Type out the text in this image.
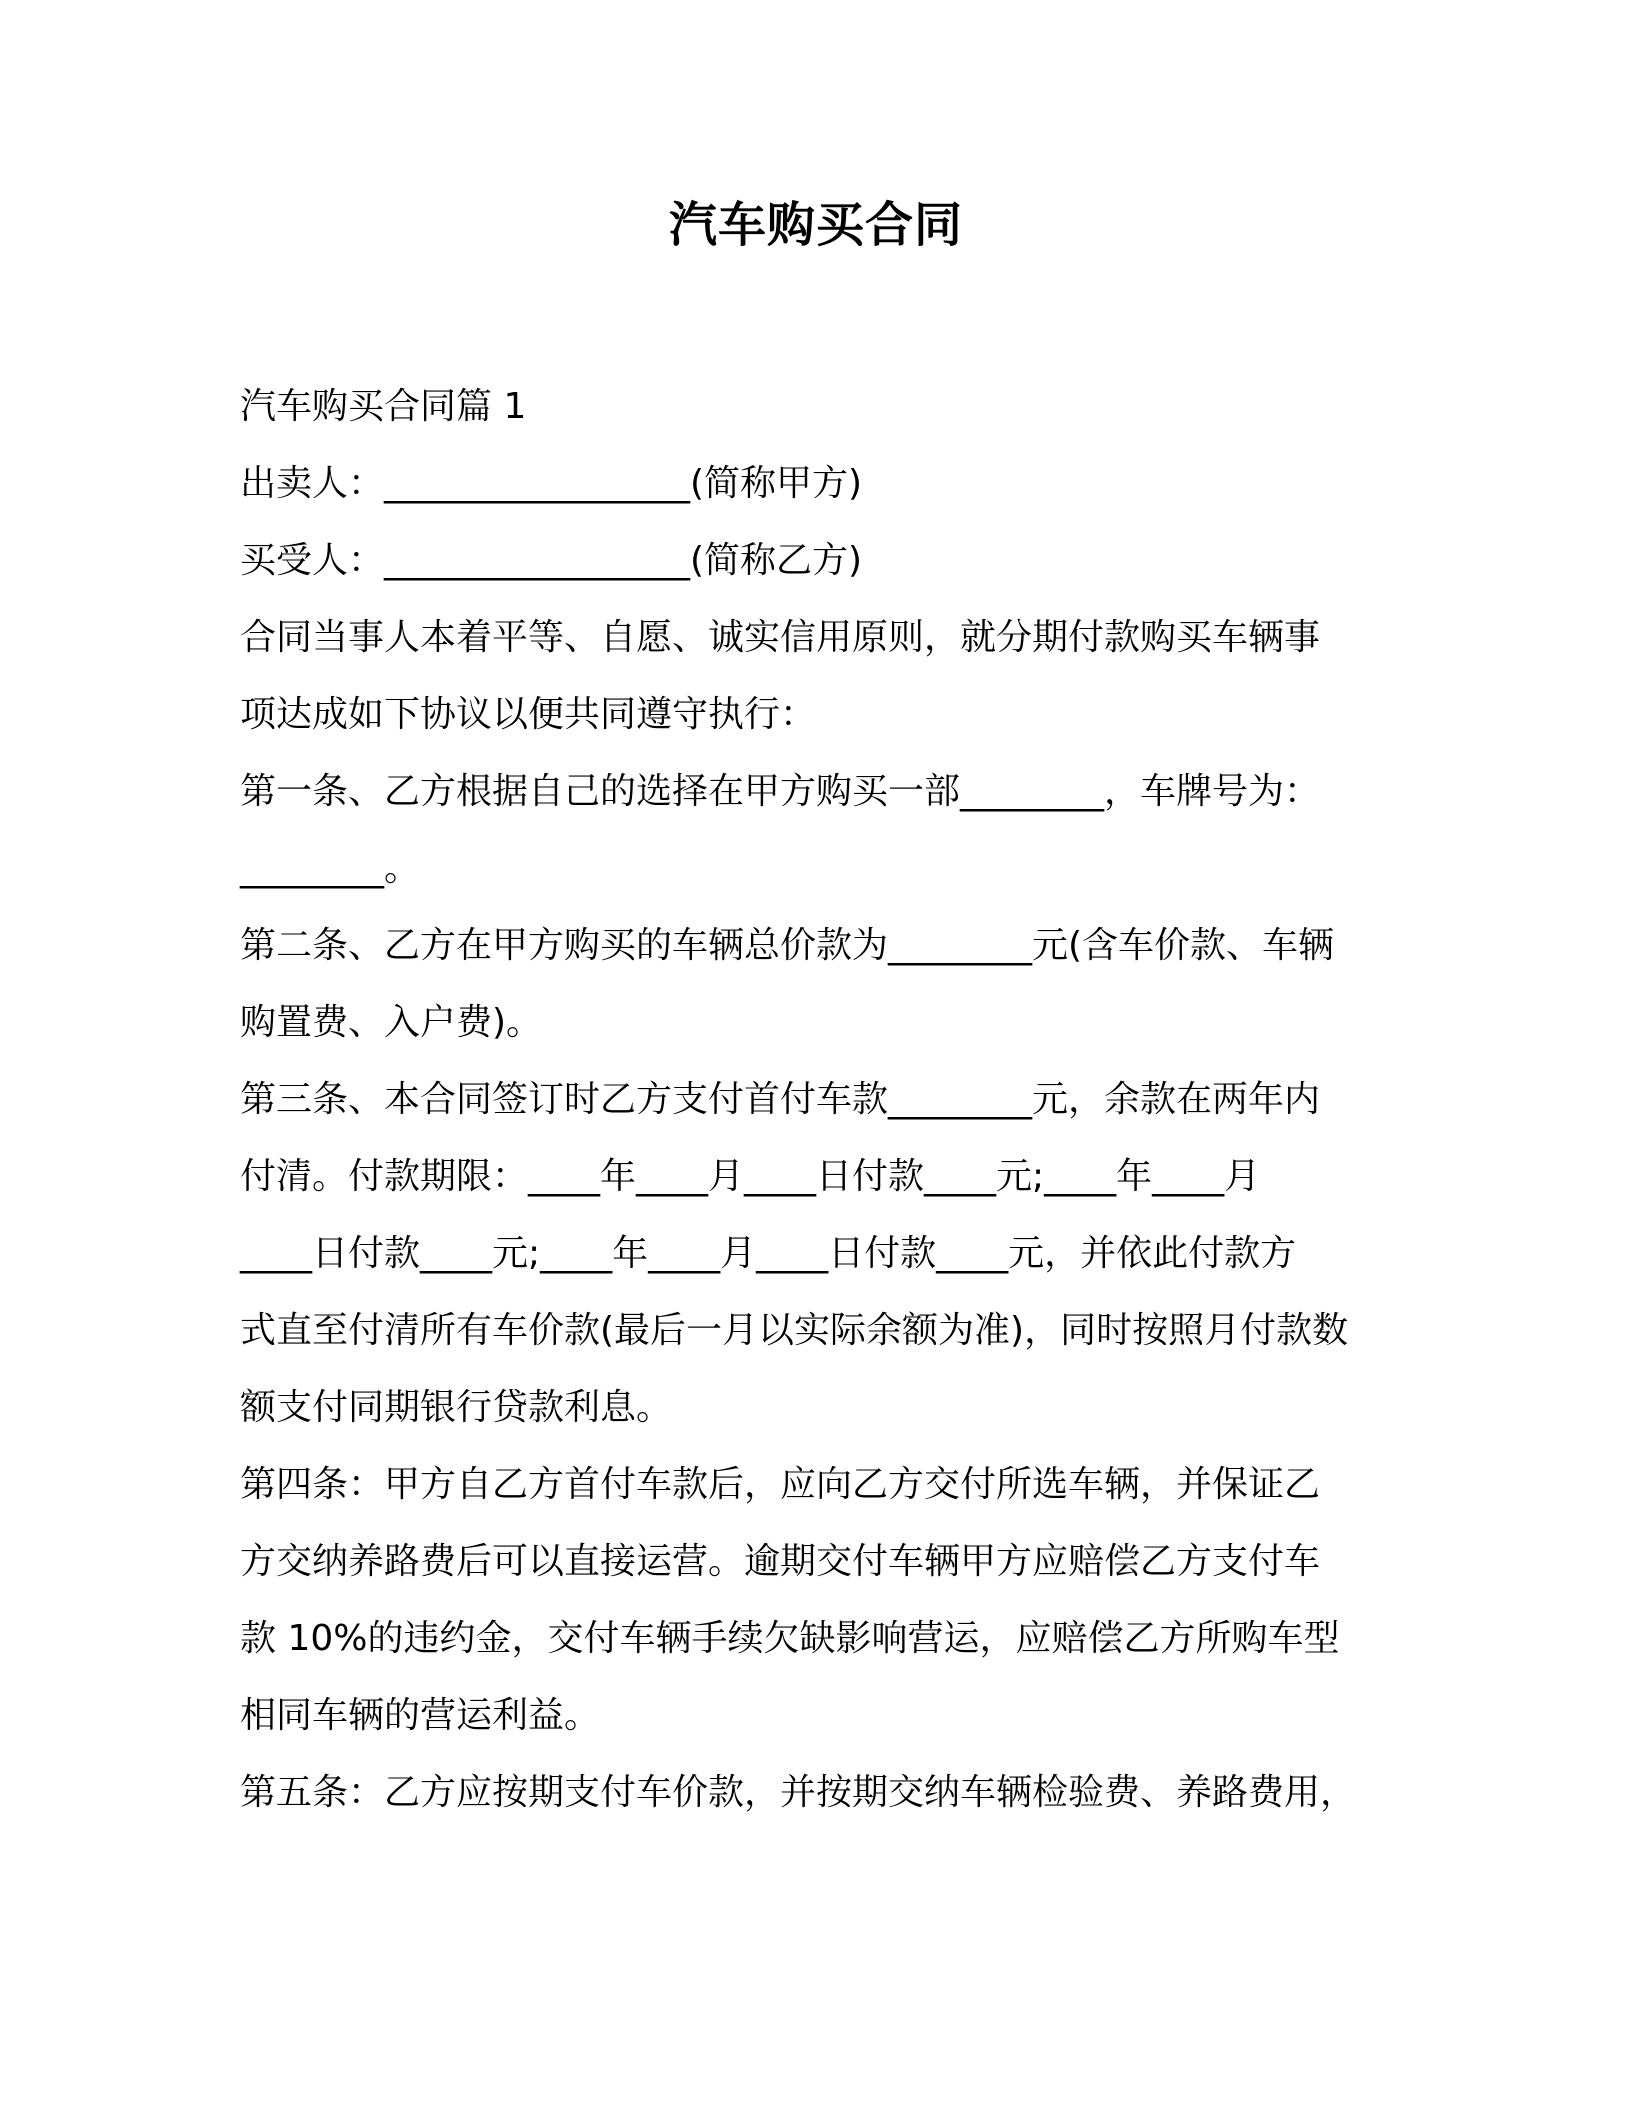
汽车购买合同

汽车购买合同篇 1

出卖人：_________________(简称甲方)

买受人：_________________(简称乙方)

合同当事人本着平等、自愿、诚实信用原则，就分期付款购买车辆事

项达成如下协议以便共同遵守执行：

第一条、乙方根据自己的选择在甲方购买一部________，车牌号为：

________。

第二条、乙方在甲方购买的车辆总价款为________元(含车价款、车辆

购置费、入户费)。

第三条、本合同签订时乙方支付首付车款________元，余款在两年内

付清。付款期限：____年____月____日付款____元;____年____月

____日付款____元;____年____月____日付款____元，并依此付款方

式直至付清所有车价款(最后一月以实际余额为准)，同时按照月付款数

额支付同期银行贷款利息。

第四条：甲方自乙方首付车款后，应向乙方交付所选车辆，并保证乙

方交纳养路费后可以直接运营。逾期交付车辆甲方应赔偿乙方支付车

款 10%的违约金，交付车辆手续欠缺影响营运，应赔偿乙方所购车型

相同车辆的营运利益。

第五条：乙方应按期支付车价款，并按期交纳车辆检验费、养路费用，
